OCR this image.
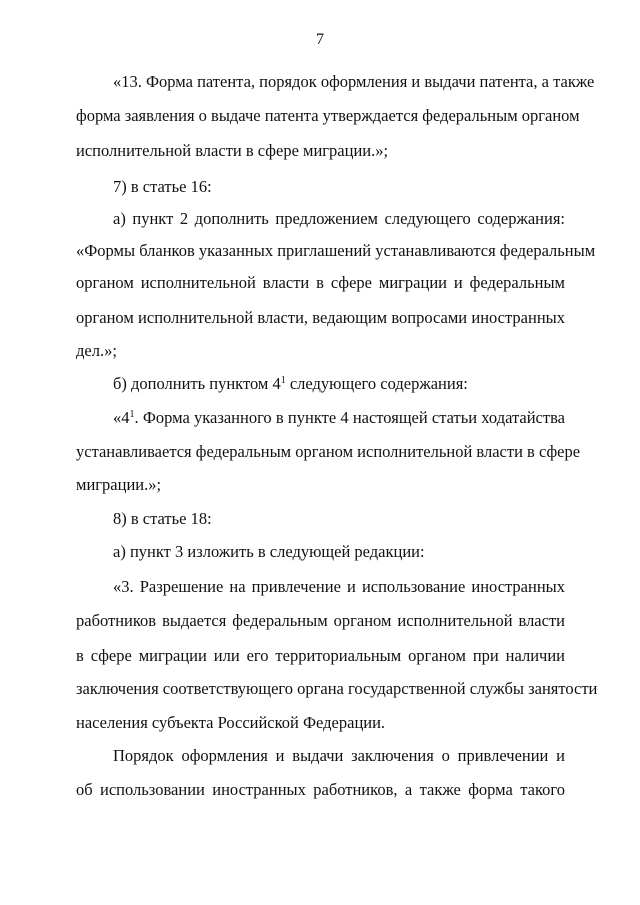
7
«13. Форма патента, порядок оформления и выдачи патента, а также
форма заявления о выдаче патента утверждается федеральным органом
исполнительной власти в сфере миграции.»;
7) в статье 16:
а) пункт 2 дополнить предложением следующего содержания:
«Формы бланков указанных приглашений устанавливаются федеральным
органом исполнительной власти в сфере миграции и федеральным
органом исполнительной власти, ведающим вопросами иностранных
дел.»;
б) дополнить пунктом $4^1$ следующего содержания:
«$4^1$ . Форма указанного в пункте 4 настоящей статьи ходатайства
устанавливается федеральным органом исполнительной власти в сфере
миграции.»;
8) в статье 18:
а) пункт 3 изложить в следующей редакции:
«3. Разрешение на привлечение и использование иностранных
работников выдается федеральным органом исполнительной власти
в сфере миграции или его территориальным органом при наличии
заключения соответствующего органа государственной службы занятости
населения субъекта Российской Федерации.
Порядок оформления и выдачи заключения о привлечении и
об использовании иностранных работников, а также форма такого
